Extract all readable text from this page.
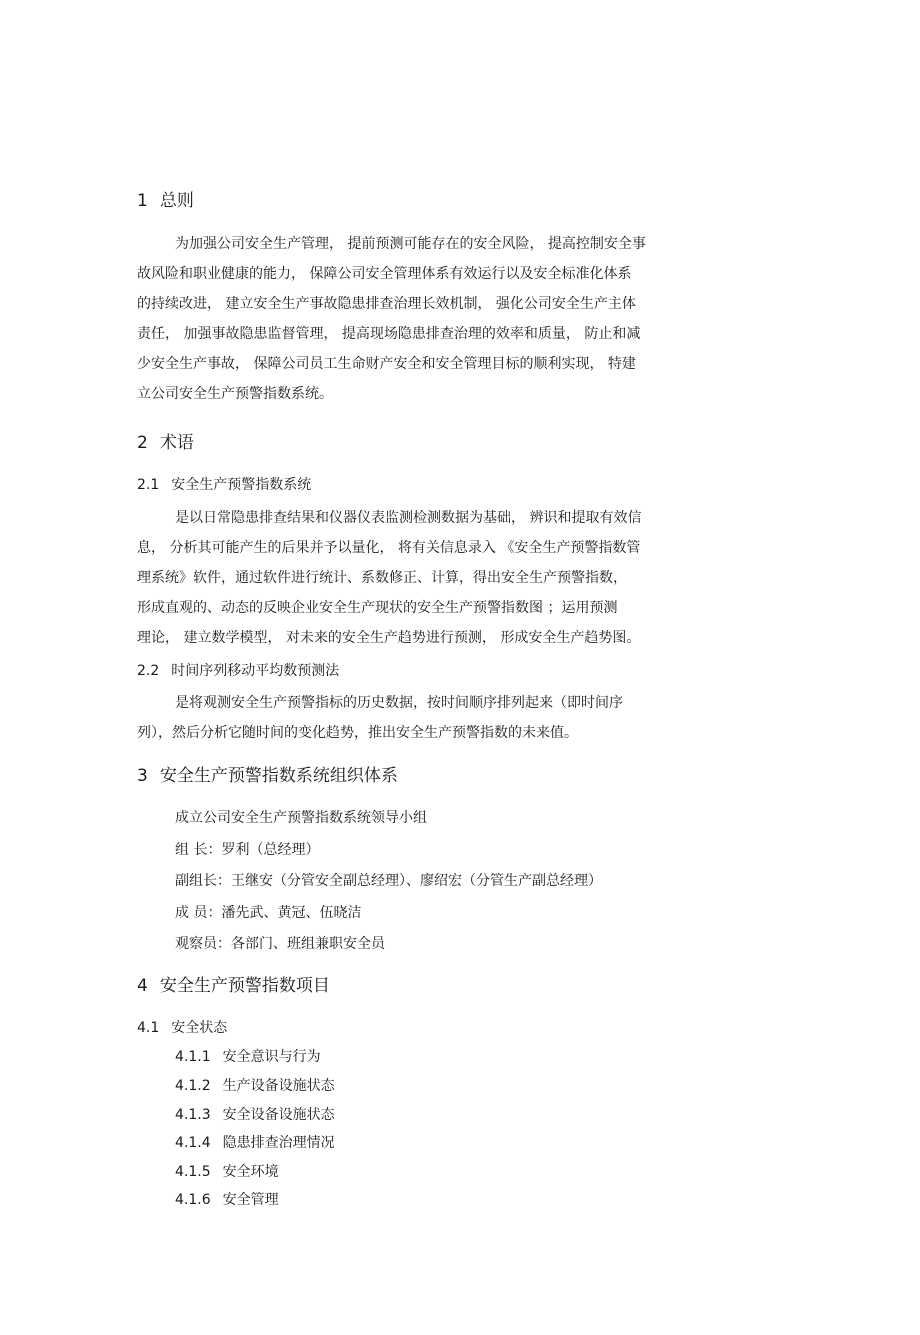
1 总则
为加强公司安全生产管理， 提前预测可能存在的安全风险， 提高控制安全事
故风险和职业健康的能力， 保障公司安全管理体系有效运行以及安全标准化体系
的持续改进， 建立安全生产事故隐患排查治理长效机制， 强化公司安全生产主体
责任， 加强事故隐患监督管理， 提高现场隐患排查治理的效率和质量， 防止和减
少安全生产事故， 保障公司员工生命财产安全和安全管理目标的顺利实现， 特建
立公司安全生产预警指数系统。
2 术语
2.1 安全生产预警指数系统
是以日常隐患排查结果和仪器仪表监测检测数据为基础， 辨识和提取有效信
息， 分析其可能产生的后果并予以量化， 将有关信息录入 《安全生产预警指数管
理系统》软件，通过软件进行统计、系数修正、计算，得出安全生产预警指数，
形成直观的、动态的反映企业安全生产现状的安全生产预警指数图 ；运用预测
理论， 建立数学模型， 对未来的安全生产趋势进行预测， 形成安全生产趋势图。
2.2 时间序列移动平均数预测法
是将观测安全生产预警指标的历史数据，按时间顺序排列起来（即时间序
列），然后分析它随时间的变化趋势，推出安全生产预警指数的未来值。
3 安全生产预警指数系统组织体系
成立公司安全生产预警指数系统领导小组
组 长：罗利（总经理）
副组长：王继安（分管安全副总经理）、廖绍宏（分管生产副总经理）
成 员：潘先武、黄冠、伍晓洁
观察员：各部门、班组兼职安全员
4 安全生产预警指数项目
4.1 安全状态
4.1.1 安全意识与行为
4.1.2 生产设备设施状态
4.1.3 安全设备设施状态
4.1.4 隐患排查治理情况
4.1.5 安全环境
4.1.6 安全管理
